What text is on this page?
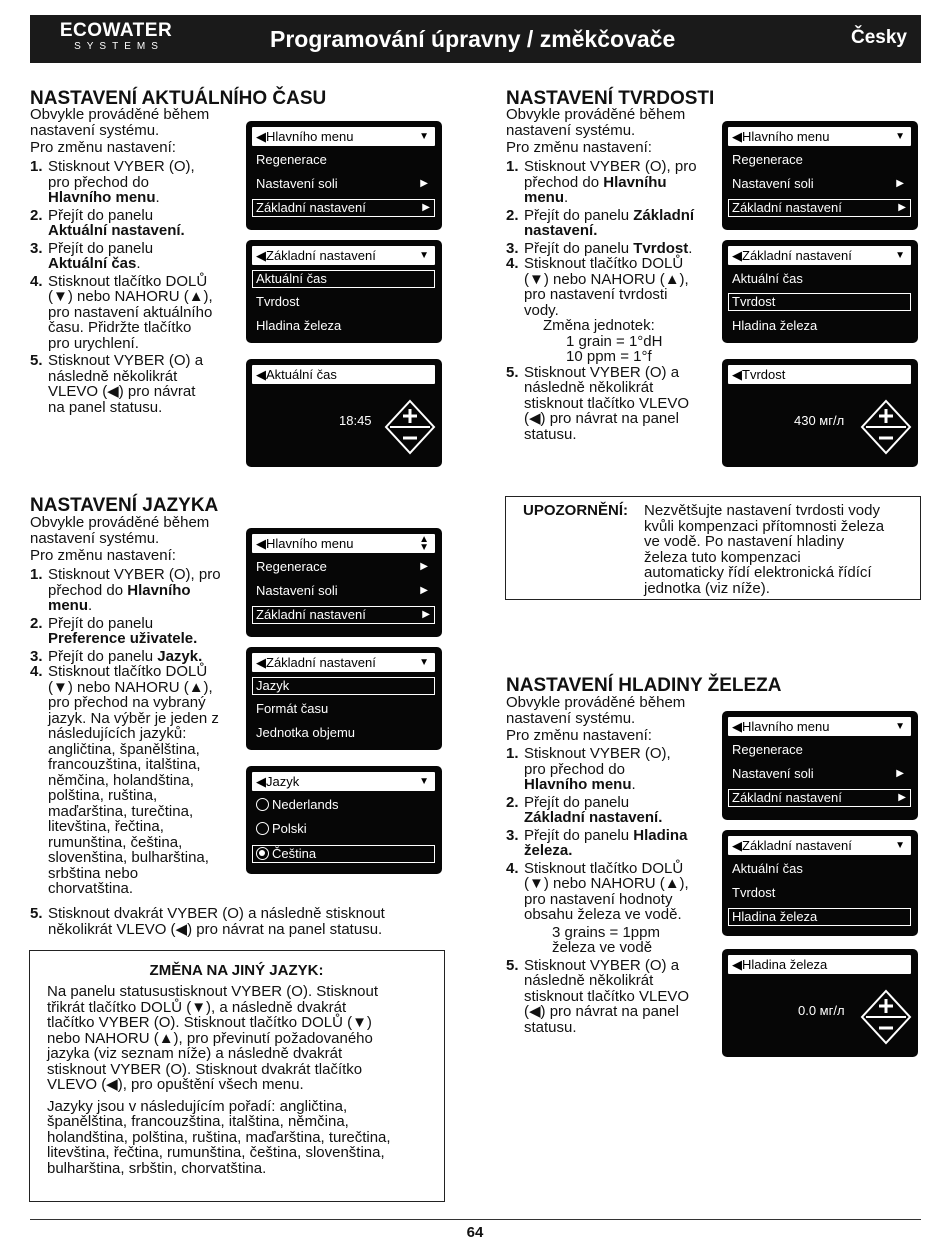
ECOWATER
SYSTEMS	Programování úpravny / změkčovače	Česky
NASTAVENÍ AKTUÁLNÍHO ČASU
Obvykle prováděné během
nastavení systému.
Pro změnu nastavení:
1. Stisknout VYBER (O),
pro přechod do
Hlavního menu.
2. Přejít do panelu
Aktuální nastavení.
3. Přejít do panelu
Aktuální čas.
4. Stisknout tlačítko DOLŮ
(▼) nebo NAHORU (▲),
pro nastavení aktuálního
času. Přidržte tlačítko
pro urychlení.
5. Stisknout VYBER (O) a
následně několikrát
VLEVO (◀) pro návrat
na panel statusu.
◀Hlavního menu	▼
Regenerace
Nastavení soli	▶
Základní nastavení	▶
◀Základní nastavení	▼
Aktuální čas
Tvrdost
Hladina železa
◀Aktuální čas
18:45
NASTAVENÍ TVRDOSTI
Obvykle prováděné během
nastavení systému.
Pro změnu nastavení:
1. Stisknout VYBER (O), pro
přechod do Hlavníhu
menu.
2. Přejít do panelu Základní
nastavení.
3. Přejít do panelu Tvrdost.
4. Stisknout tlačítko DOLŮ
(▼) nebo NAHORU (▲),
pro nastavení tvrdosti
vody.
Změna jednotek:
1 grain = 1°dH
10 ppm = 1°f
5. Stisknout VYBER (O) a
následně několikrát
stisknout tlačítko VLEVO
(◀) pro návrat na panel
statusu.
◀Hlavního menu	▼
Regenerace
Nastavení soli	▶
Základní nastavení	▶
◀Základní nastavení	▼
Aktuální čas
Tvrdost
Hladina železa
◀Tvrdost
430 мг/л
NASTAVENÍ JAZYKA
Obvykle prováděné během
nastavení systému.
Pro změnu nastavení:
1. Stisknout VYBER (O), pro
přechod do Hlavního
menu.
2. Přejít do panelu
Preference uživatele.
3. Přejít do panelu Jazyk.
4. Stisknout tlačítko DOLŮ
(▼) nebo NAHORU (▲),
pro přechod na vybraný
jazyk. Na výběr je jeden z
následujících jazyků:
angličtina, španělština,
francouzština, italština,
němčina, holandština,
polština, ruština,
maďarština, turečtina,
litevština, řečtina,
rumunština, čeština,
slovenština, bulharština,
srbština nebo
chorvatština.
5. Stisknout dvakrát VYBER (O) a následně stisknout
několikrát VLEVO (◀) pro návrat na panel statusu.
◀Hlavního menu	▲
▼
Regenerace	▶
Nastavení soli	▶
Základní nastavení	▶
◀Základní nastavení	▼
Jazyk
Formát času
Jednotka objemu
◀Jazyk	▼
Nederlands
Polski
Čeština
UPOZORNĚNÍ: Nezvětšujte nastavení tvrdosti vody
kvůli kompenzaci přítomnosti železa
ve vodě. Po nastavení hladiny
železa tuto kompenzaci
automaticky řídí elektronická řídící
jednotka (viz níže).
NASTAVENÍ HLADINY ŽELEZA
Obvykle prováděné během
nastavení systému.
Pro změnu nastavení:
1. Stisknout VYBER (O),
pro přechod do
Hlavního menu.
2. Přejít do panelu
Základní nastavení.
3. Přejít do panelu Hladina
železa.
4. Stisknout tlačítko DOLŮ
(▼) nebo NAHORU (▲),
pro nastavení hodnoty
obsahu železa ve vodě.
3 grains = 1ppm
železa ve vodě
5. Stisknout VYBER (O) a
následně několikrát
stisknout tlačítko VLEVO
(◀) pro návrat na panel
statusu.
◀Hlavního menu	▼
Regenerace
Nastavení soli	▶
Základní nastavení	▶
◀Základní nastavení	▼
Aktuální čas
Tvrdost
Hladina železa
◀Hladina železa
0.0 мг/л
ZMĚNA NA JINÝ JAZYK:
Na panelu statusustisknout VYBER (O). Stisknout
třikrát tlačítko DOLŮ (▼), a následně dvakrát
tlačítko VYBER (O). Stisknout tlačítko DOLŮ (▼)
nebo NAHORU (▲), pro převinutí požadovaného
jazyka (viz seznam níže) a následně dvakrát
stisknout VYBER (O). Stisknout dvakrát tlačítko
VLEVO (◀), pro opuštění všech menu.
Jazyky jsou v následujícím pořadí: angličtina,
španělština, francouzština, italština, němčina,
holandština, polština, ruština, maďarština, turečtina,
litevština, řečtina, rumunština, čeština, slovenština,
bulharština, srbštin, chorvatština.
64
